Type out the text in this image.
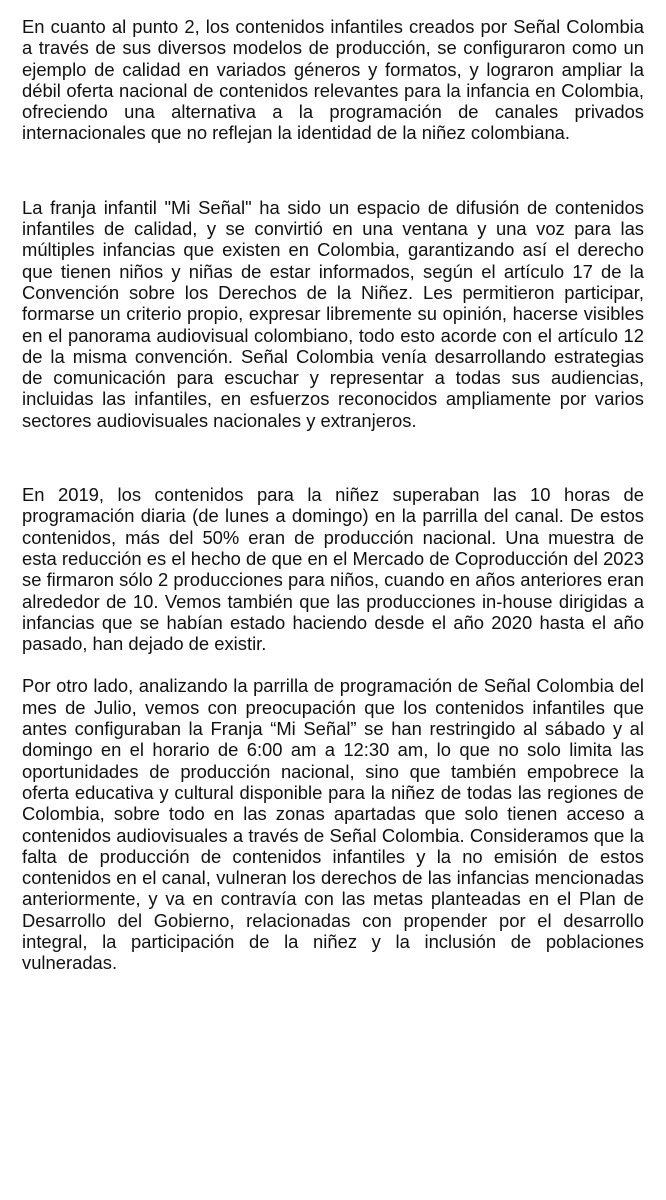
En cuanto al punto 2, los contenidos infantiles creados por Señal Colombia a través de sus diversos modelos de producción, se configuraron como un ejemplo de calidad en variados géneros y formatos, y lograron ampliar la débil oferta nacional de contenidos relevantes para la infancia en Colombia, ofreciendo una alternativa a la programación de canales privados internacionales que no reflejan la identidad de la niñez colombiana.

La franja infantil "Mi Señal" ha sido un espacio de difusión de contenidos infantiles de calidad, y se convirtió en una ventana y una voz para las múltiples infancias que existen en Colombia, garantizando así el derecho que tienen niños y niñas de estar informados, según el artículo 17 de la Convención sobre los Derechos de la Niñez. Les permitieron participar, formarse un criterio propio, expresar libremente su opinión, hacerse visibles en el panorama audiovisual colombiano, todo esto acorde con el artículo 12 de la misma convención. Señal Colombia venía desarrollando estrategias de comunicación para escuchar y representar a todas sus audiencias, incluidas las infantiles, en esfuerzos reconocidos ampliamente por varios sectores audiovisuales nacionales y extranjeros.

En 2019, los contenidos para la niñez superaban las 10 horas de programación diaria (de lunes a domingo) en la parrilla del canal. De estos contenidos, más del 50% eran de producción nacional. Una muestra de esta reducción es el hecho de que en el Mercado de Coproducción del 2023 se firmaron sólo 2 producciones para niños, cuando en años anteriores eran alrededor de 10. Vemos también que las producciones in-house dirigidas a infancias que se habían estado haciendo desde el año 2020 hasta el año pasado, han dejado de existir.

Por otro lado, analizando la parrilla de programación de Señal Colombia del mes de Julio, vemos con preocupación que los contenidos infantiles que antes configuraban la Franja “Mi Señal” se han restringido al sábado y al domingo en el horario de 6:00 am a 12:30 am, lo que no solo limita las oportunidades de producción nacional, sino que también empobrece la oferta educativa y cultural disponible para la niñez de todas las regiones de Colombia, sobre todo en las zonas apartadas que solo tienen acceso a contenidos audiovisuales a través de Señal Colombia. Consideramos que la falta de producción de contenidos infantiles y la no emisión de estos contenidos en el canal, vulneran los derechos de las infancias mencionadas anteriormente, y va en contravía con las metas planteadas en el Plan de Desarrollo del Gobierno, relacionadas con propender por el desarrollo integral, la participación de la niñez y la inclusión de poblaciones vulneradas.
